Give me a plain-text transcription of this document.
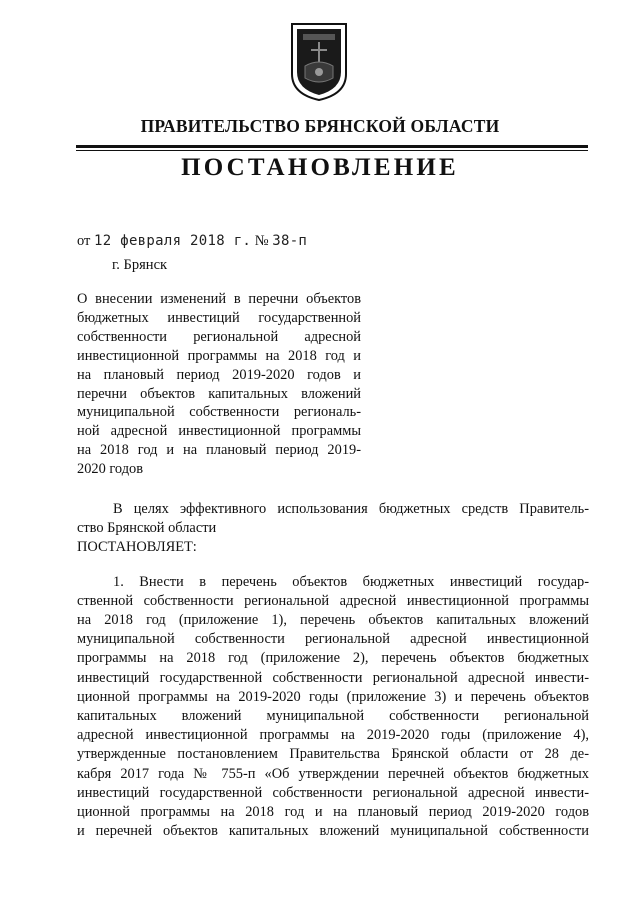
ПРАВИТЕЛЬСТВО БРЯНСКОЙ ОБЛАСТИ
ПОСТАНОВЛЕНИЕ
от 12 февраля 2018 г. № 38-п
г. Брянск
О внесении изменений в перечни объектов
бюджетных инвестиций государственной
собственности региональной адресной
инвестиционной программы на 2018 год и
на плановый период 2019-2020 годов и
перечни объектов капитальных вложений
муниципальной собственности региональ-
ной адресной инвестиционной программы
на 2018 год и на плановый период 2019-
2020 годов
В целях эффективного использования бюджетных средств Правитель-
ство Брянской области
ПОСТАНОВЛЯЕТ:
1. Внести в перечень объектов бюджетных инвестиций государ-
ственной собственности региональной адресной инвестиционной программы
на 2018 год (приложение 1), перечень объектов капитальных вложений
муниципальной собственности региональной адресной инвестиционной
программы на 2018 год (приложение 2), перечень объектов бюджетных
инвестиций государственной собственности региональной адресной инвести-
ционной программы на 2019-2020 годы (приложение 3) и перечень объектов
капитальных вложений муниципальной собственности региональной
адресной инвестиционной программы на 2019-2020 годы (приложение 4),
утвержденные постановлением Правительства Брянской области от 28 де-
кабря 2017 года № 755-п «Об утверждении перечней объектов бюджетных
инвестиций государственной собственности региональной адресной инвести-
ционной программы на 2018 год и на плановый период 2019-2020 годов
и перечней объектов капитальных вложений муниципальной собственности
